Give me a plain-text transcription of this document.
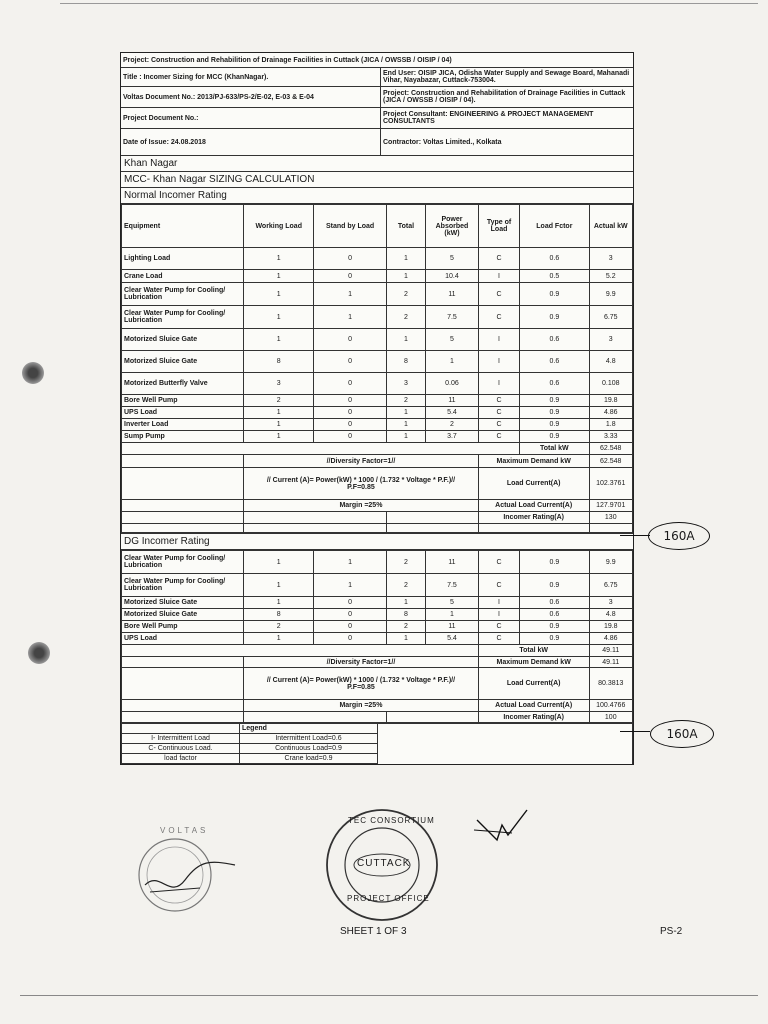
Project: Construction and Rehabilition of Drainage Facilities in Cuttack (JICA / OWSSB / OISIP / 04)
Title : Incomer Sizing for MCC (KhanNagar).	End User: OISIP JICA, Odisha Water Supply and Sewage Board, Mahanadi Vihar, Nayabazar, Cuttack-753004.
Voltas Document No.: 2013/PJ-633/PS-2/E-02, E-03 & E-04	Project: Construction and Rehabilitation of Drainage Facilities in Cuttack (JICA / OWSSB / OISIP / 04).
Project Document No.:	Project Consultant: ENGINEERING & PROJECT MANAGEMENT CONSULTANTS
Date of Issue: 24.08.2018	Contractor: Voltas Limited., Kolkata
Khan Nagar
MCC- Khan Nagar SIZING CALCULATION
Normal Incomer Rating
Equipment	Working Load	Stand by Load	Total	Power Absorbed (kW)	Type of Load	Load Fctor	Actual kW
Lighting Load	1	0	1	5	C	0.6	3
Crane Load	1	0	1	10.4	I	0.5	5.2
Clear Water Pump for Cooling/ Lubrication	1	1	2	11	C	0.9	9.9
Clear Water Pump for Cooling/ Lubrication	1	1	2	7.5	C	0.9	6.75
Motorized Sluice Gate	1	0	1	5	I	0.6	3
Motorized Sluice Gate	8	0	8	1	I	0.6	4.8
Motorized Butterfly Valve	3	0	3	0.06	I	0.6	0.108
Bore Well Pump	2	0	2	11	C	0.9	19.8
UPS Load	1	0	1	5.4	C	0.9	4.86
Inverter Load	1	0	1	2	C	0.9	1.8
Sump Pump	1	0	1	3.7	C	0.9	3.33
						Total kW	62.548
	//Diversity Factor=1//				Maximum Demand kW		62.548

	// Current (A)= Power(kW) * 1000 / (1.732 * Voltage * P.F.)//
P.F=0.85				Load Current(A)		102.3761
	Margin =25%				Actual Load Current(A)		127.9701
					Incomer Rating(A)		130

DG Incomer Rating
Clear Water Pump for Cooling/ Lubrication	1	1	2	11	C	0.9	9.9
Clear Water Pump for Cooling/ Lubrication	1	1	2	7.5	C	0.9	6.75
Motorized Sluice Gate	1	0	1	5	I	0.6	3
Motorized Sluice Gate	8	0	8	1	I	0.6	4.8
Bore Well Pump	2	0	2	11	C	0.9	19.8
UPS Load	1	0	1	5.4	C	0.9	4.86
					Total kW		49.11
	//Diversity Factor=1//				Maximum Demand kW		49.11

	// Current (A)= Power(kW) * 1000 / (1.732 * Voltage * P.F.)//
P.F=0.85				Load Current(A)		80.3813
	Margin =25%				Actual Load Current(A)		100.4766
					Incomer Rating(A)		100
	Legend	
I- Intermittent Load	Intermittent Load=0.6	
C- Continuous Load.	Continuous Load=0.9	
load factor	Crane load=0.9	
160A
160A
VOLTAS
TEC CONSORTIUM
CUTTACK
PROJECT OFFICE
SHEET 1 OF 3	PS-2
